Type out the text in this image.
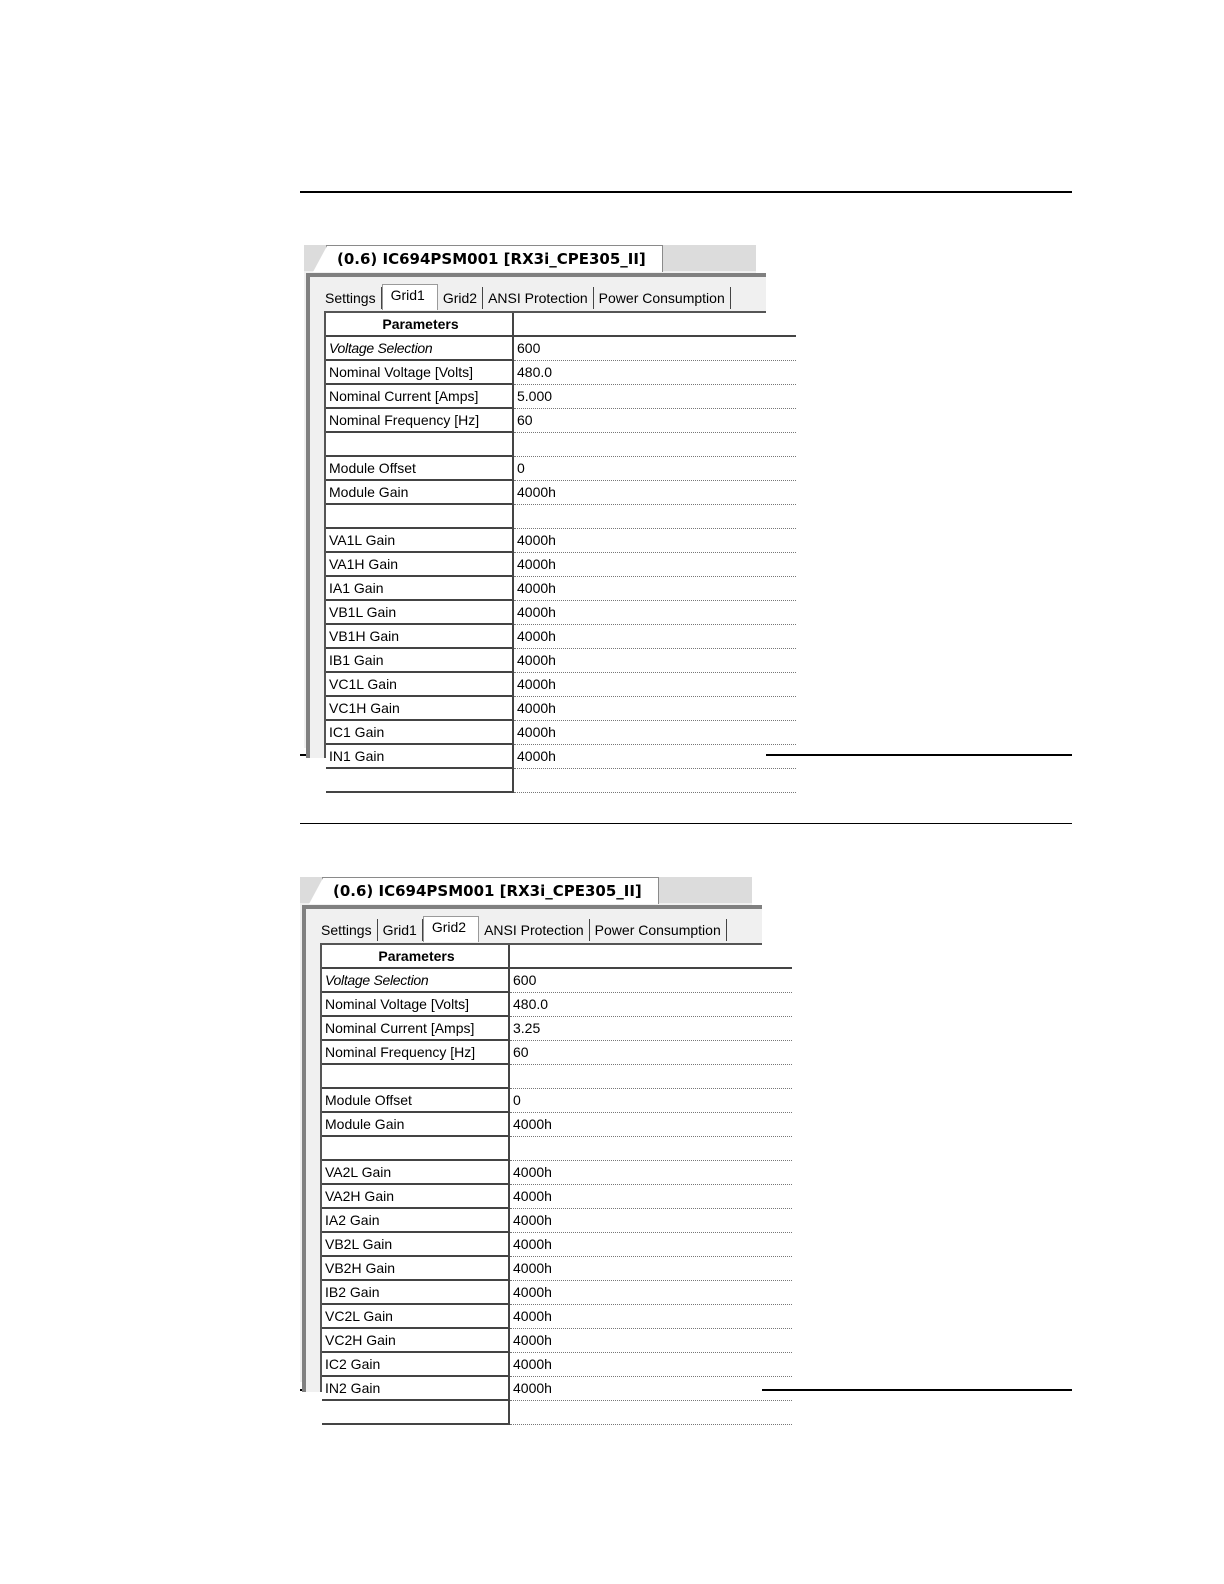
(0.6) IC694PSM001 [RX3i_CPE305_II]
Settings	Grid1	Grid2 ANSI Protection Power Consumption
Parameters	
Voltage Selection	600
Nominal Voltage [Volts]	480.0
Nominal Current [Amps]	5.000
Nominal Frequency [Hz]	60

Module Offset	0
Module Gain	4000h

VA1L Gain	4000h
VA1H Gain	4000h
IA1 Gain	4000h
VB1L Gain	4000h
VB1H Gain	4000h
IB1 Gain	4000h
VC1L Gain	4000h
VC1H Gain	4000h
IC1 Gain	4000h
IN1 Gain	4000h

(0.6) IC694PSM001 [RX3i_CPE305_II]
Settings Grid1	Grid2	ANSI Protection Power Consumption
Parameters	
Voltage Selection	600
Nominal Voltage [Volts]	480.0
Nominal Current [Amps]	3.25
Nominal Frequency [Hz]	60

Module Offset	0
Module Gain	4000h

VA2L Gain	4000h
VA2H Gain	4000h
IA2 Gain	4000h
VB2L Gain	4000h
VB2H Gain	4000h
IB2 Gain	4000h
VC2L Gain	4000h
VC2H Gain	4000h
IC2 Gain	4000h
IN2 Gain	4000h
